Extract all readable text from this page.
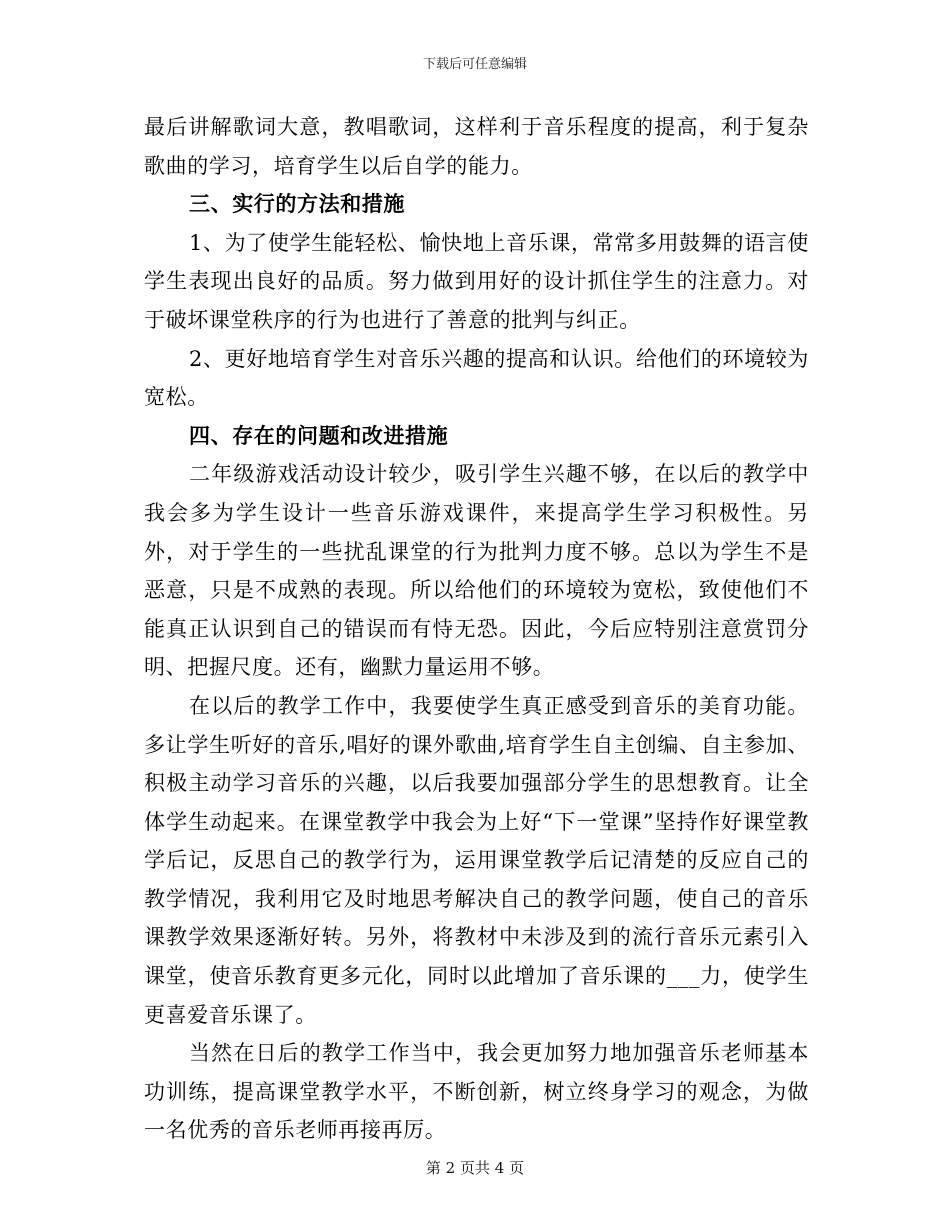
下载后可任意编辑

最后讲解歌词大意，教唱歌词，这样利于音乐程度的提高，利于复杂歌曲的学习，培育学生以后自学的能力。

三、实行的方法和措施

1、为了使学生能轻松、愉快地上音乐课，常常多用鼓舞的语言使学生表现出良好的品质。努力做到用好的设计抓住学生的注意力。对于破坏课堂秩序的行为也进行了善意的批判与纠正。

2、更好地培育学生对音乐兴趣的提高和认识。给他们的环境较为宽松。

四、存在的问题和改进措施

二年级游戏活动设计较少，吸引学生兴趣不够，在以后的教学中我会多为学生设计一些音乐游戏课件，来提高学生学习积极性。另外，对于学生的一些扰乱课堂的行为批判力度不够。总以为学生不是恶意，只是不成熟的表现。所以给他们的环境较为宽松，致使他们不能真正认识到自己的错误而有恃无恐。因此，今后应特别注意赏罚分明、把握尺度。还有，幽默力量运用不够。

在以后的教学工作中，我要使学生真正感受到音乐的美育功能。多让学生听好的音乐,唱好的课外歌曲,培育学生自主创编、自主参加、积极主动学习音乐的兴趣，以后我要加强部分学生的思想教育。让全体学生动起来。在课堂教学中我会为上好“下一堂课”坚持作好课堂教学后记，反思自己的教学行为，运用课堂教学后记清楚的反应自己的教学情况，我利用它及时地思考解决自己的教学问题，使自己的音乐课教学效果逐渐好转。另外，将教材中未涉及到的流行音乐元素引入课堂，使音乐教育更多元化，同时以此增加了音乐课的___力，使学生更喜爱音乐课了。

当然在日后的教学工作当中，我会更加努力地加强音乐老师基本功训练，提高课堂教学水平，不断创新，树立终身学习的观念，为做一名优秀的音乐老师再接再厉。

第 2 页共 4 页
